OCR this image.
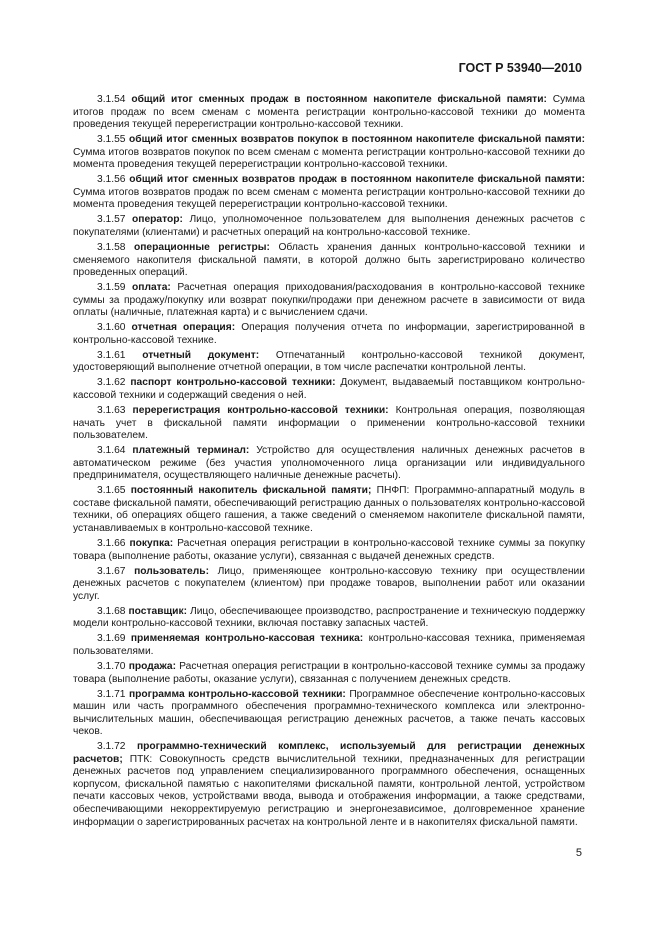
ГОСТ Р 53940—2010

3.1.54 общий итог сменных продаж в постоянном накопителе фискальной памяти: Сумма итогов продаж по всем сменам с момента регистрации контрольно-кассовой техники до момента проведения текущей перерегистрации контрольно-кассовой техники.

3.1.55 общий итог сменных возвратов покупок в постоянном накопителе фискальной памяти: Сумма итогов возвратов покупок по всем сменам с момента регистрации контрольно-кассовой техники до момента проведения текущей перерегистрации контрольно-кассовой техники.

3.1.56 общий итог сменных возвратов продаж в постоянном накопителе фискальной памяти: Сумма итогов возвратов продаж по всем сменам с момента регистрации контрольно-кассовой техники до момента проведения текущей перерегистрации контрольно-кассовой техники.

3.1.57 оператор: Лицо, уполномоченное пользователем для выполнения денежных расчетов с покупателями (клиентами) и расчетных операций на контрольно-кассовой технике.

3.1.58 операционные регистры: Область хранения данных контрольно-кассовой техники и сменяемого накопителя фискальной памяти, в которой должно быть зарегистрировано количество проведенных операций.

3.1.59 оплата: Расчетная операция приходования/расходования в контрольно-кассовой технике суммы за продажу/покупку или возврат покупки/продажи при денежном расчете в зависимости от вида оплаты (наличные, платежная карта) и с вычислением сдачи.

3.1.60 отчетная операция: Операция получения отчета по информации, зарегистрированной в контрольно-кассовой технике.

3.1.61 отчетный документ: Отпечатанный контрольно-кассовой техникой документ, удостоверяющий выполнение отчетной операции, в том числе распечатки контрольной ленты.

3.1.62 паспорт контрольно-кассовой техники: Документ, выдаваемый поставщиком контрольно-кассовой техники и содержащий сведения о ней.

3.1.63 перерегистрация контрольно-кассовой техники: Контрольная операция, позволяющая начать учет в фискальной памяти информации о применении контрольно-кассовой техники пользователем.

3.1.64 платежный терминал: Устройство для осуществления наличных денежных расчетов в автоматическом режиме (без участия уполномоченного лица организации или индивидуального предпринимателя, осуществляющего наличные денежные расчеты).

3.1.65 постоянный накопитель фискальной памяти; ПНФП: Программно-аппаратный модуль в составе фискальной памяти, обеспечивающий регистрацию данных о пользователях контрольно-кассовой техники, об операциях общего гашения, а также сведений о сменяемом накопителе фискальной памяти, устанавливаемых в контрольно-кассовой технике.

3.1.66 покупка: Расчетная операция регистрации в контрольно-кассовой технике суммы за покупку товара (выполнение работы, оказание услуги), связанная с выдачей денежных средств.

3.1.67 пользователь: Лицо, применяющее контрольно-кассовую технику при осуществлении денежных расчетов с покупателем (клиентом) при продаже товаров, выполнении работ или оказании услуг.

3.1.68 поставщик: Лицо, обеспечивающее производство, распространение и техническую поддержку модели контрольно-кассовой техники, включая поставку запасных частей.

3.1.69 применяемая контрольно-кассовая техника: контрольно-кассовая техника, применяемая пользователями.

3.1.70 продажа: Расчетная операция регистрации в контрольно-кассовой технике суммы за продажу товара (выполнение работы, оказание услуги), связанная с получением денежных средств.

3.1.71 программа контрольно-кассовой техники: Программное обеспечение контрольно-кассовых машин или часть программного обеспечения программно-технического комплекса или электронно-вычислительных машин, обеспечивающая регистрацию денежных расчетов, а также печать кассовых чеков.

3.1.72 программно-технический комплекс, используемый для регистрации денежных расчетов; ПТК: Совокупность средств вычислительной техники, предназначенных для регистрации денежных расчетов под управлением специализированного программного обеспечения, оснащенных корпусом, фискальной памятью с накопителями фискальной памяти, контрольной лентой, устройством печати кассовых чеков, устройствами ввода, вывода и отображения информации, а также средствами, обеспечивающими некорректируемую регистрацию и энергонезависимое, долговременное хранение информации о зарегистрированных расчетах на контрольной ленте и в накопителях фискальной памяти.

5
